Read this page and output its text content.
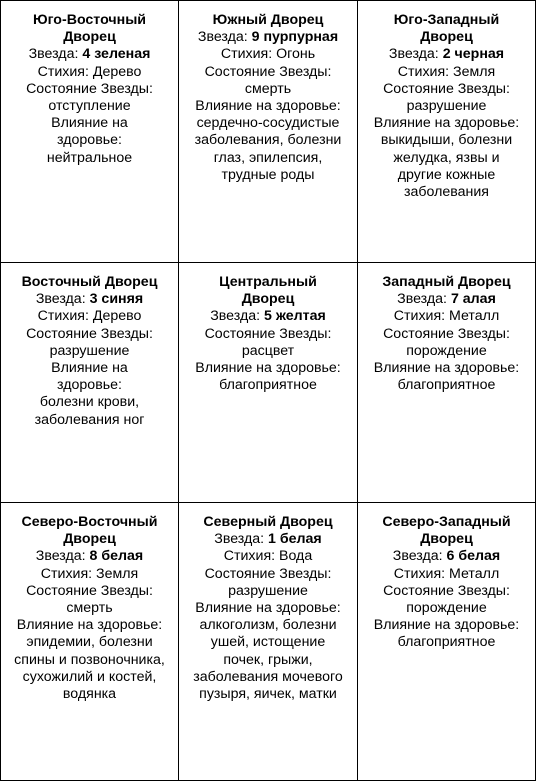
Юго-Восточный Дворец
Звезда: 4 зеленая
Стихия: Дерево
Состояние Звезды:
отступление
Влияние на здоровье:
нейтральное
Южный Дворец
Звезда: 9 пурпурная
Стихия: Огонь
Состояние Звезды:
смерть
Влияние на здоровье:
сердечно-сосудистые заболевания, болезни глаз, эпилепсия, трудные роды
Юго-Западный Дворец
Звезда: 2 черная
Стихия: Земля
Состояние Звезды:
разрушение
Влияние на здоровье:
выкидыши, болезни желудка, язвы и другие кожные заболевания
Восточный Дворец
Звезда: 3 синяя
Стихия: Дерево
Состояние Звезды:
разрушение
Влияние на здоровье:
болезни крови, заболевания ног
Центральный Дворец
Звезда: 5 желтая
Состояние Звезды:
расцвет
Влияние на здоровье:
благоприятное
Западный Дворец
Звезда: 7 алая
Стихия: Металл
Состояние Звезды:
порождение
Влияние на здоровье:
благоприятное
Северо-Восточный Дворец
Звезда: 8 белая
Стихия: Земля
Состояние Звезды:
смерть
Влияние на здоровье:
эпидемии, болезни спины и позвоночника, сухожилий и костей, водянка
Северный Дворец
Звезда: 1 белая
Стихия: Вода
Состояние Звезды:
разрушение
Влияние на здоровье:
алкоголизм, болезни ушей, истощение почек, грыжи, заболевания мочевого пузыря, яичек, матки
Северо-Западный Дворец
Звезда: 6 белая
Стихия: Металл
Состояние Звезды:
порождение
Влияние на здоровье:
благоприятное
